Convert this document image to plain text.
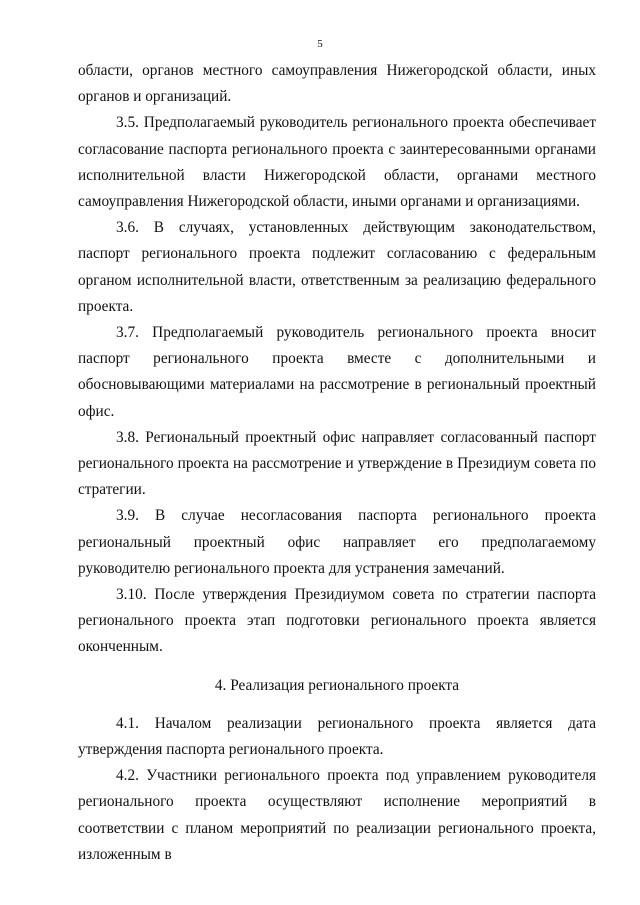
5

области, органов местного самоуправления Нижегородской области, иных органов и организаций.

3.5. Предполагаемый руководитель регионального проекта обеспечивает согласование паспорта регионального проекта с заинтересованными органами исполнительной власти Нижегородской области, органами местного самоуправления Нижегородской области, иными органами и организациями.

3.6. В случаях, установленных действующим законодательством, паспорт регионального проекта подлежит согласованию с федеральным органом исполнительной власти, ответственным за реализацию федерального проекта.

3.7. Предполагаемый руководитель регионального проекта вносит паспорт регионального проекта вместе с дополнительными и обосновывающими материалами на рассмотрение в региональный проектный офис.

3.8. Региональный проектный офис направляет согласованный паспорт регионального проекта на рассмотрение и утверждение в Президиум совета по стратегии.

3.9. В случае несогласования паспорта регионального проекта региональный проектный офис направляет его предполагаемому руководителю регионального проекта для устранения замечаний.

3.10. После утверждения Президиумом совета по стратегии паспорта регионального проекта этап подготовки регионального проекта является оконченным.

4. Реализация регионального проекта

4.1. Началом реализации регионального проекта является дата утверждения паспорта регионального проекта.

4.2. Участники регионального проекта под управлением руководителя регионального проекта осуществляют исполнение мероприятий в соответствии с планом мероприятий по реализации регионального проекта, изложенным в
